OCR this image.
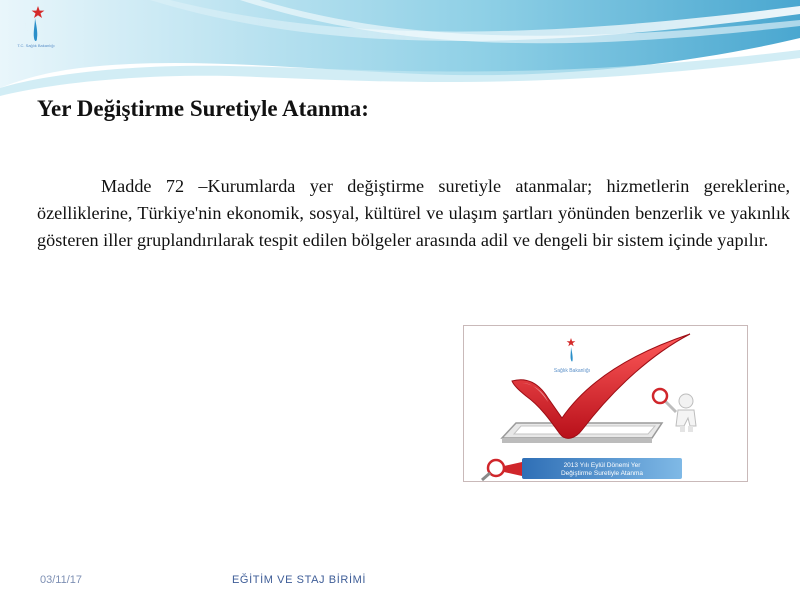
T.C. Sağlık Bakanlığı
Yer Değiştirme Suretiyle Atanma:

Madde 72 –Kurumlarda yer değiştirme suretiyle atanmalar; hizmetlerin gereklerine, özelliklerine, Türkiye'nin ekonomik, sosyal, kültürel ve ulaşım şartları yönünden benzerlik ve yakınlık gösteren iller gruplandırılarak tespit edilen bölgeler arasında adil ve dengeli bir sistem içinde yapılır.

Sağlık Bakanlığı
2013 Yılı Eylül Dönemi Yer
Değiştirme Suretiyle Atanma
03/11/17	EĞİTİM VE STAJ BİRİMİ
